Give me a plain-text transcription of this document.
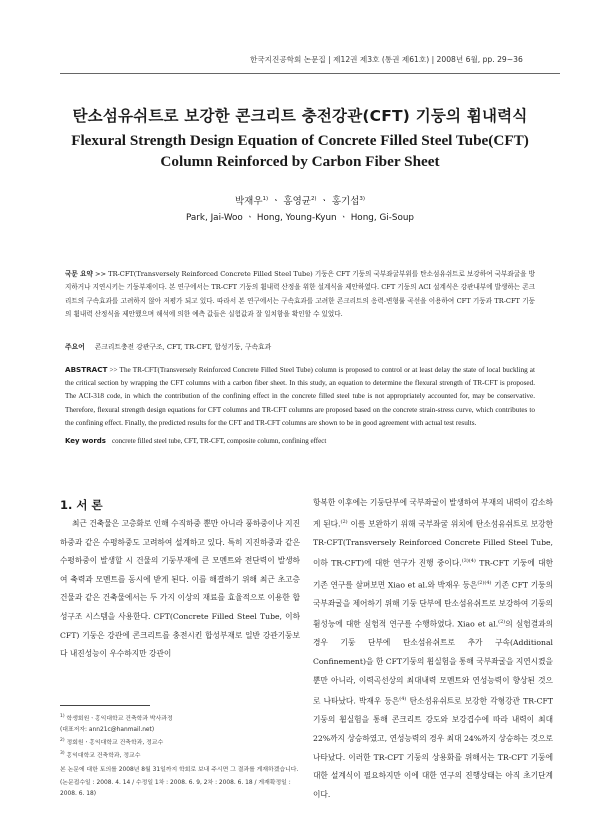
한국지진공학회 논문집 | 제12권 제3호 (통권 제61호) | 2008년 6월, pp. 29~36
탄소섬유쉬트로 보강한 콘크리트 충전강관(CFT) 기둥의 휨내력식
Flexural Strength Design Equation of Concrete Filled Steel Tube(CFT)
Column Reinforced by Carbon Fiber Sheet
박재우$^{1)}$ ㆍ 홍영균$^{2)}$ ㆍ 홍기섭$^{3)}$
Park, Jai-Woo ㆍ Hong, Young-Kyun ㆍ Hong, Gi-Soup
국문 요약 >> TR-CFT(Transversely Reinforced Concrete Filled Steel Tube) 기둥은 CFT 기둥의 국부좌굴부위를 탄소섬유쉬트로 보강하여 국부좌굴을 방지하거나 지연시키는 기둥부재이다. 본 연구에서는 TR-CFT 기둥의 휨내력 산정을 위한 설계식을 제안하였다. CFT 기둥의 ACI 설계식은 강관내부에 발생하는 콘크리트의 구속효과를 고려하지 않아 저평가 되고 있다. 따라서 본 연구에서는 구속효과를 고려한 콘크리트의 응력-변형률 곡선을 이용하여 CFT 기둥과 TR-CFT 기둥의 휨내력 산정식을 제안했으며 해석에 의한 예측 값들은 실험값과 잘 일치함을 확인할 수 있었다.
주요어 콘크리트충전 강관구조, CFT, TR-CFT, 합성기둥, 구속효과
ABSTRACT >> The TR-CFT(Transversely Reinforced Concrete Filled Steel Tube) column is proposed to control or at least delay the state of local buckling at the critical section by wrapping the CFT columns with a carbon fiber sheet. In this study, an equation to determine the flexural strength of TR-CFT is proposed. The ACI-318 code, in which the contribution of the confining effect in the concrete filled steel tube is not appropriately accounted for, may be conservative. Therefore, flexural strength design equations for CFT columns and TR-CFT columns are proposed based on the concrete strain-stress curve, which contributes to the confining effect. Finally, the predicted results for the CFT and TR-CFT columns are shown to be in good agreement with actual test results.
Key words concrete filled steel tube, CFT, TR-CFT, composite column, confining effect
1. 서 론
최근 건축물은 고층화로 인해 수직하중 뿐만 아니라 풍하중이나 지진하중과 같은 수평하중도 고려하여 설계하고 있다. 특히 지진하중과 같은 수평하중이 발생할 시 건물의 기둥부재에 큰 모멘트와 전단력이 발생하여 축력과 모멘트를 동시에 받게 된다. 이를 해결하기 위해 최근 초고층 건물과 같은 건축물에서는 두 가지 이상의 재료를 효율적으로 이용한 합성구조 시스템을 사용한다. CFT(Concrete Filled Steel Tube, 이하 CFT) 기둥은 강관에 콘크리트를 충전시킨 합성부재로 일반 강관기둥보다 내진성능이 우수하지만 강관이
항복한 이후에는 기둥단부에 국부좌굴이 발생하여 부재의 내력이 감소하게 된다.$^{(2)}$ 이를 보완하기 위해 국부좌굴 위치에 탄소섬유쉬트로 보강한 TR-CFT(Transversely Reinforced Concrete Filled Steel Tube, 이하 TR-CFT)에 대한 연구가 진행 중이다.$^{(3)(4)}$ TR-CFT 기둥에 대한 기존 연구를 살펴보면 Xiao et al.와 박재우 등은$^{(2)(4)}$ 기존 CFT 기둥의 국부좌굴을 제어하기 위해 기둥 단부에 탄소섬유쉬트로 보강하여 기둥의 휨성능에 대한 실험적 연구를 수행하였다. Xiao et al.$^{(2)}$의 실험결과의 경우 기둥 단부에 탄소섬유쉬트로 추가 구속(Additional Confinement)을 한 CFT기둥의 휨실험을 통해 국부좌굴을 지연시켰을 뿐만 아니라, 이력곡선상의 최대내력 모멘트와 연성능력이 향상된 것으로 나타났다. 박재우 등은$^{(4)}$ 탄소섬유쉬트로 보강한 각형강관 TR-CFT 기둥의 휨실험을 통해 콘크리트 강도와 보강겹수에 따라 내력이 최대 22%까지 상승하였고, 연성능력의 경우 최대 24%까지 상승하는 것으로 나타났다. 이러한 TR-CFT 기둥의 상용화를 위해서는 TR-CFT 기둥에 대한 설계식이 필요하지만 이에 대한 연구의 진행상태는 아직 초기단계이다.

$^{1)}$ 학생회원ㆍ홍익대학교 건축학과 박사과정

(대표저자: ann21c@hanmail.net)

$^{2)}$ 정회원ㆍ홍익대학교 건축학과, 정교수

$^{3)}$ 홍익대학교 건축학과, 정교수

본 논문에 대한 토의를 2008년 8월 31일까지 학회로 보내 주시면 그 결과를 게재하겠습니다.

(논문접수일 : 2008. 4. 14 / 수정일 1차 : 2008. 6. 9, 2차 : 2008. 6. 18 / 게재확정일 : 2008. 6. 18)
